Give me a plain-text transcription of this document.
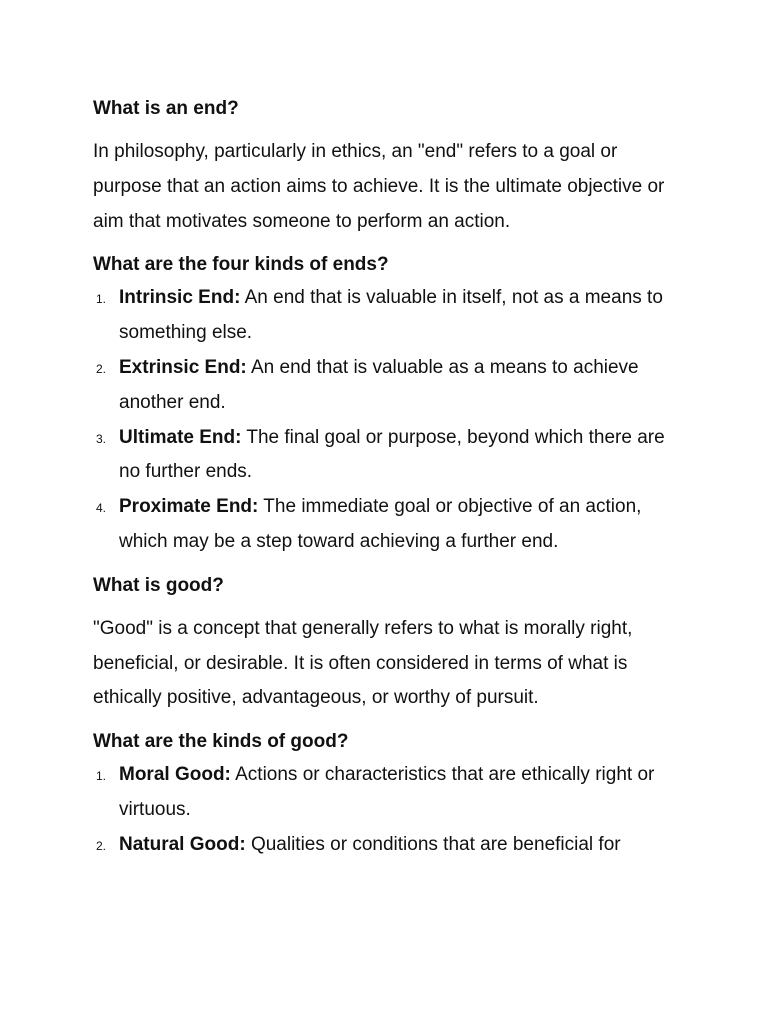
What is an end?

In philosophy, particularly in ethics, an "end" refers to a goal or purpose that an action aims to achieve. It is the ultimate objective or aim that motivates someone to perform an action.

What are the four kinds of ends?
1. Intrinsic End: An end that is valuable in itself, not as a means to something else.
2. Extrinsic End: An end that is valuable as a means to achieve another end.
3. Ultimate End: The final goal or purpose, beyond which there are no further ends.
4. Proximate End: The immediate goal or objective of an action, which may be a step toward achieving a further end.
What is good?

"Good" is a concept that generally refers to what is morally right, beneficial, or desirable. It is often considered in terms of what is ethically positive, advantageous, or worthy of pursuit.

What are the kinds of good?
1. Moral Good: Actions or characteristics that are ethically right or virtuous.
2. Natural Good: Qualities or conditions that are beneficial for
